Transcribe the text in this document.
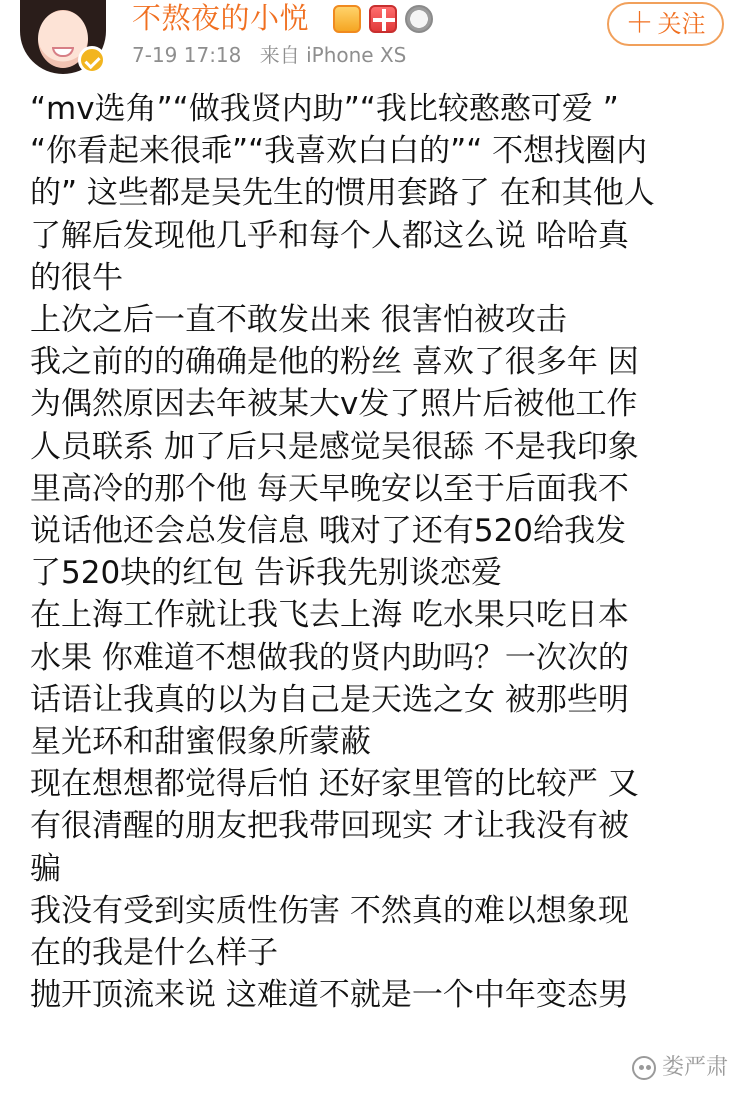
不熬夜的小悦
7-19 17:18 来自 iPhone XS
＋ 关注
“mv选角”“做我贤内助”“我比较憨憨可爱 ”
“你看起来很乖”“我喜欢白白的”“ 不想找圈内
的” 这些都是吴先生的惯用套路了 在和其他人
了解后发现他几乎和每个人都这么说 哈哈真
的很牛
上次之后一直不敢发出来 很害怕被攻击
我之前的的确确是他的粉丝 喜欢了很多年 因
为偶然原因去年被某大v发了照片后被他工作
人员联系 加了后只是感觉吴很舔 不是我印象
里高冷的那个他 每天早晚安以至于后面我不
说话他还会总发信息 哦对了还有520给我发
了520块的红包 告诉我先别谈恋爱
在上海工作就让我飞去上海 吃水果只吃日本
水果 你难道不想做我的贤内助吗？一次次的
话语让我真的以为自己是天选之女 被那些明
星光环和甜蜜假象所蒙蔽
现在想想都觉得后怕 还好家里管的比较严 又
有很清醒的朋友把我带回现实 才让我没有被
骗
我没有受到实质性伤害 不然真的难以想象现
在的我是什么样子
抛开顶流来说 这难道不就是一个中年变态男
娄严肃
